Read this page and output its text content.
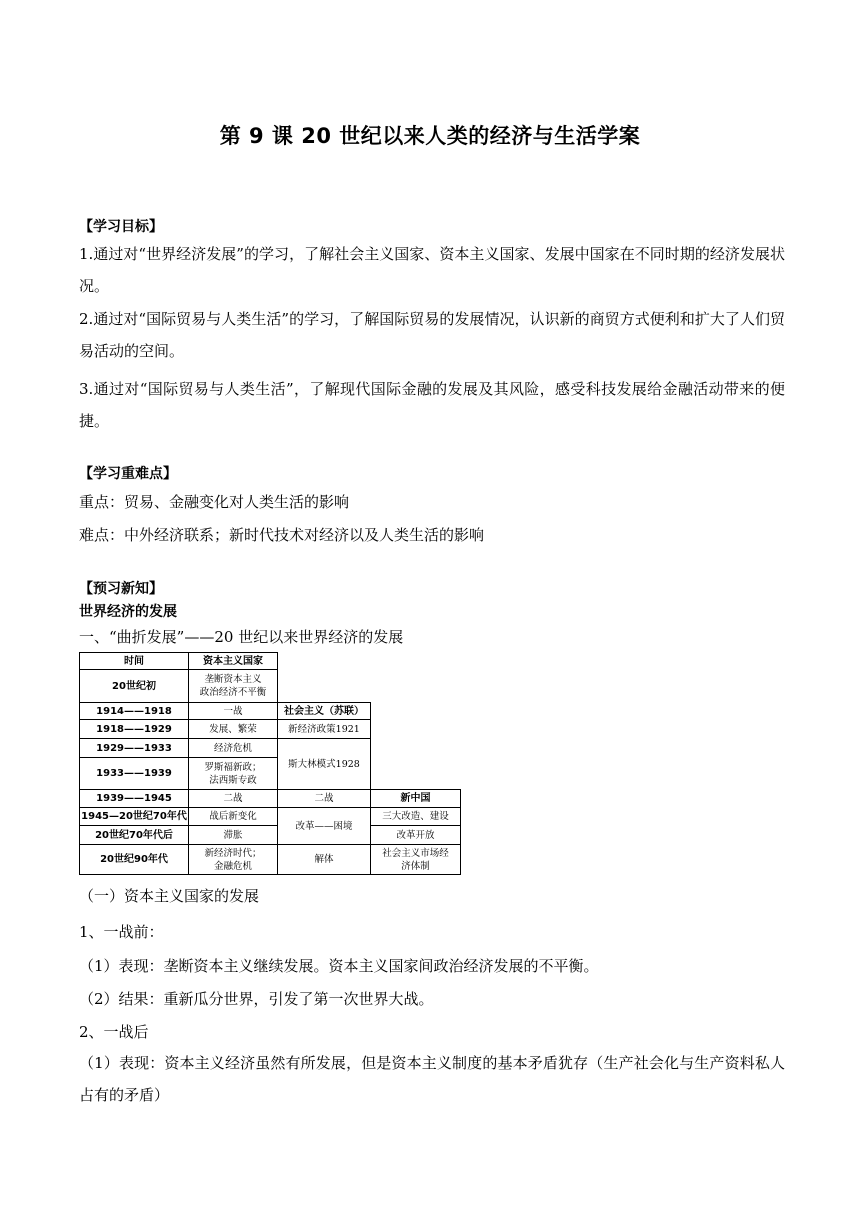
第 9 课 20 世纪以来人类的经济与生活学案
【学习目标】
1.通过对“世界经济发展”的学习，了解社会主义国家、资本主义国家、发展中国家在不同时期的经济发展状况。
2.通过对“国际贸易与人类生活”的学习，了解国际贸易的发展情况，认识新的商贸方式便利和扩大了人们贸易活动的空间。
3.通过对“国际贸易与人类生活”，了解现代国际金融的发展及其风险，感受科技发展给金融活动带来的便捷。
【学习重难点】
重点：贸易、金融变化对人类生活的影响
难点：中外经济联系；新时代技术对经济以及人类生活的影响
【预习新知】
世界经济的发展
一、“曲折发展”——20 世纪以来世界经济的发展
时间
20世纪初
1914——1918
1918——1929
1929——1933
1933——1939
1939——1945
1945—20世纪70年代
20世纪70年代后
20世纪90年代
资本主义国家
垄断资本主义
政治经济不平衡
一战
发展、繁荣
经济危机
罗斯福新政；
法西斯专政
二战
战后新变化
滞胀
新经济时代；
金融危机
社会主义（苏联）
新经济政策1921
斯大林模式1928
二战
改革——困境
解体
新中国
三大改造、建设
改革开放
社会主义市场经济体制
（一）资本主义国家的发展
1、一战前：
（1）表现：垄断资本主义继续发展。资本主义国家间政治经济发展的不平衡。
（2）结果：重新瓜分世界，引发了第一次世界大战。
2、一战后
（1）表现：资本主义经济虽然有所发展，但是资本主义制度的基本矛盾犹存（生产社会化与生产资料私人占有的矛盾）
